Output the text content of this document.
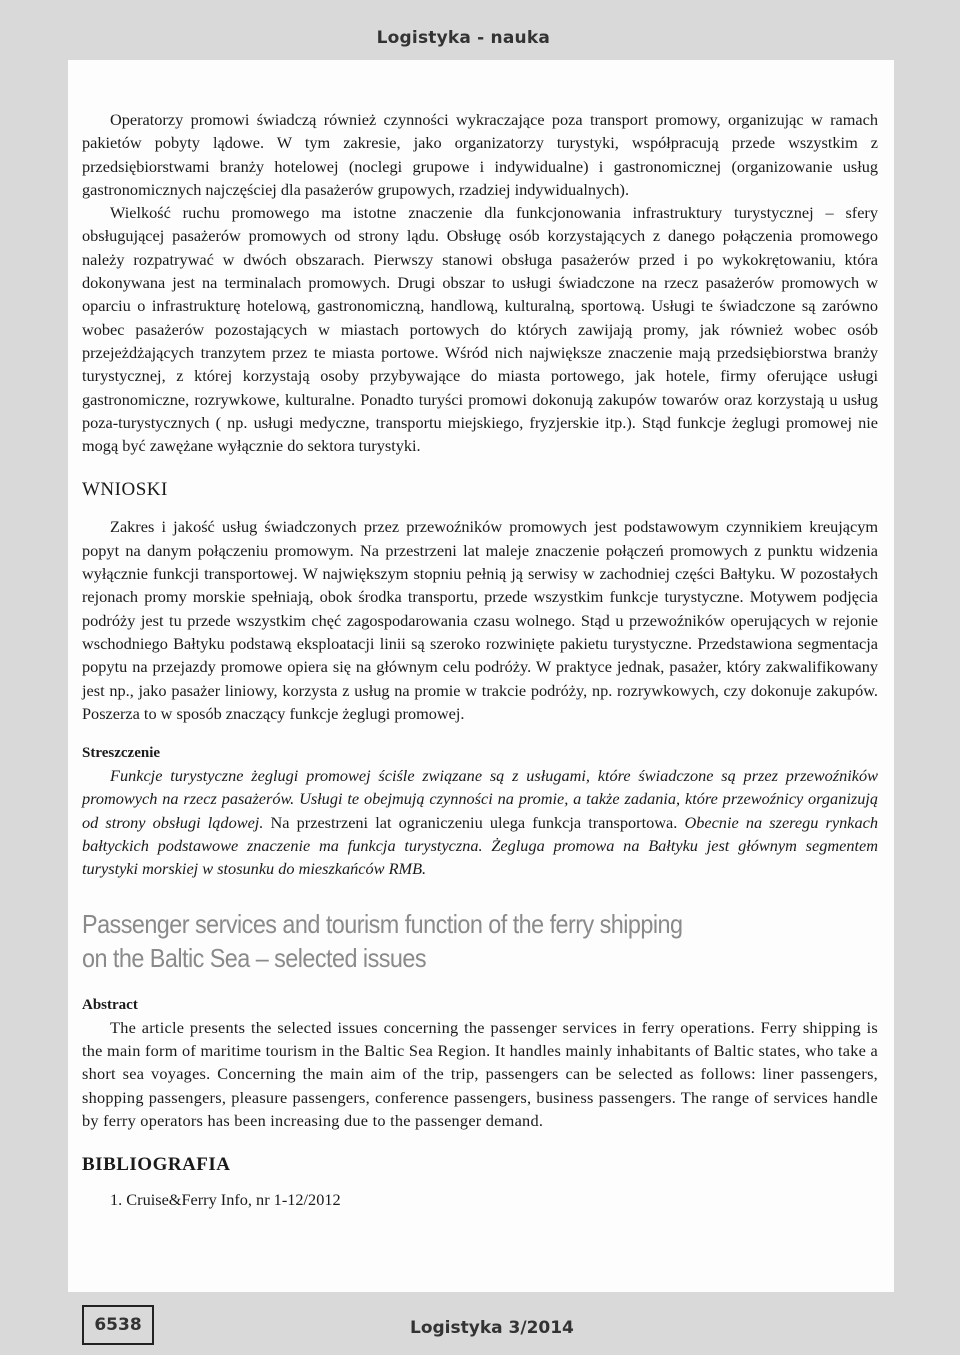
Logistyka - nauka

Operatorzy promowi świadczą również czynności wykraczające poza transport promowy, organizując w ramach pakietów pobyty lądowe. W tym zakresie, jako organizatorzy turystyki, współpracują przede wszystkim z przedsiębiorstwami branży hotelowej (noclegi grupowe i indywidualne) i gastronomicznej (organizowanie usług gastronomicznych najczęściej dla pasażerów grupowych, rzadziej indywidualnych).

Wielkość ruchu promowego ma istotne znaczenie dla funkcjonowania infrastruktury turystycznej – sfery obsługującej pasażerów promowych od strony lądu. Obsługę osób korzystających z danego połączenia promowego należy rozpatrywać w dwóch obszarach. Pierwszy stanowi obsługa pasażerów przed i po wykokrętowaniu, która dokonywana jest na terminalach promowych. Drugi obszar to usługi świadczone na rzecz pasażerów promowych w oparciu o infrastrukturę hotelową, gastronomiczną, handlową, kulturalną, sportową. Usługi te świadczone są zarówno wobec pasażerów pozostających w miastach portowych do których zawijają promy, jak również wobec osób przejeżdżających tranzytem przez te miasta portowe. Wśród nich największe znaczenie mają przedsiębiorstwa branży turystycznej, z której korzystają osoby przybywające do miasta portowego, jak hotele, firmy oferujące usługi gastronomiczne, rozrywkowe, kulturalne. Ponadto turyści promowi dokonują zakupów towarów oraz korzystają u usług poza-turystycznych ( np. usługi medyczne, transportu miejskiego, fryzjerskie itp.). Stąd funkcje żeglugi promowej nie mogą być zawężane wyłącznie do sektora turystyki.

WNIOSKI

Zakres i jakość usług świadczonych przez przewoźników promowych jest podstawowym czynnikiem kreującym popyt na danym połączeniu promowym. Na przestrzeni lat maleje znaczenie połączeń promowych z punktu widzenia wyłącznie funkcji transportowej. W największym stopniu pełnią ją serwisy w zachodniej części Bałtyku. W pozostałych rejonach promy morskie spełniają, obok środka transportu, przede wszystkim funkcje turystyczne. Motywem podjęcia podróży jest tu przede wszystkim chęć zagospodarowania czasu wolnego. Stąd u przewoźników operujących w rejonie wschodniego Bałtyku podstawą eksploatacji linii są szeroko rozwinięte pakietu turystyczne. Przedstawiona segmentacja popytu na przejazdy promowe opiera się na głównym celu podróży. W praktyce jednak, pasażer, który zakwalifikowany jest np., jako pasażer liniowy, korzysta z usług na promie w trakcie podróży, np. rozrywkowych, czy dokonuje zakupów. Poszerza to w sposób znaczący funkcje żeglugi promowej.

Streszczenie

Funkcje turystyczne żeglugi promowej ściśle związane są z usługami, które świadczone są przez przewoźników promowych na rzecz pasażerów. Usługi te obejmują czynności na promie, a także zadania, które przewoźnicy organizują od strony obsługi lądowej. Na przestrzeni lat ograniczeniu ulega funkcja transportowa. Obecnie na szeregu rynkach bałtyckich podstawowe znaczenie ma funkcja turystyczna. Żegluga promowa na Bałtyku jest głównym segmentem turystyki morskiej w stosunku do mieszkańców RMB.

Passenger services and tourism function of the ferry shipping
on the Baltic Sea – selected issues
Abstract

The article presents the selected issues concerning the passenger services in ferry operations. Ferry shipping is the main form of maritime tourism in the Baltic Sea Region. It handles mainly inhabitants of Baltic states, who take a short sea voyages. Concerning the main aim of the trip, passengers can be selected as follows: liner passengers, shopping passengers, pleasure passengers, conference passengers, business passengers. The range of services handle by ferry operators has been increasing due to the passenger demand.

BIBLIOGRAFIA

1. Cruise&Ferry Info, nr 1-12/2012

6538	Logistyka 3/2014
